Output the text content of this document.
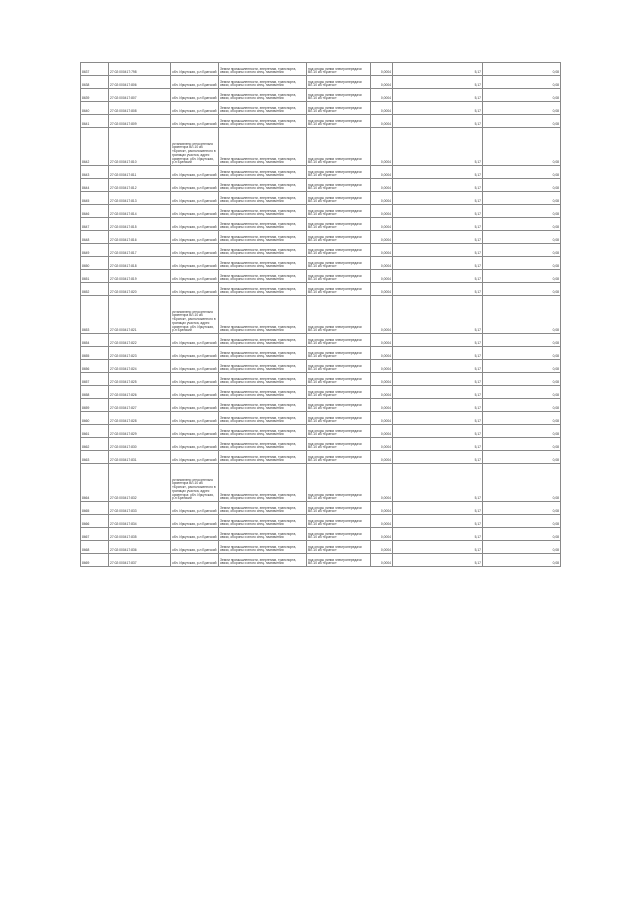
8637	27:02:000417:798	обл. Иркутская, р-н Братский	Земли промышленности, энергетики, транспорта, связи, обороны и иного спец. назначения	под опоры линии электропередачи ВЛ-10 кВ «Братск»	0,0004	5,17	0,08
8638	27:02:000417:806	обл. Иркутская, р-н Братский	Земли промышленности, энергетики, транспорта, связи, обороны и иного спец. назначения	под опоры линии электропередачи ВЛ-10 кВ «Братск»	0,0004	5,17	0,08
8639	27:02:000417:807	обл. Иркутская, р-н Братский	Земли промышленности, энергетики, транспорта, связи, обороны и иного спец. назначения	под опоры линии электропередачи ВЛ-10 кВ «Братск»	0,0004	5,17	0,08
8640	27:02:000417:808	обл. Иркутская, р-н Братский	Земли промышленности, энергетики, транспорта, связи, обороны и иного спец. назначения	под опоры линии электропередачи ВЛ-10 кВ «Братск»	0,0004	5,17	0,08
8641	27:02:000417:809	обл. Иркутская, р-н Братский	Земли промышленности, энергетики, транспорта, связи, обороны и иного спец. назначения	под опоры линии электропередачи ВЛ-10 кВ «Братск»	0,0004	5,17	0,08
8642	27:02:000417:810	установлено относительно ориентира ВЛ-10 кВ «Братск», расположенного в границах участка, адрес ориентира: обл. Иркутская, р-н Братский	Земли промышленности, энергетики, транспорта, связи, обороны и иного спец. назначения	под опоры линии электропередачи ВЛ-10 кВ «Братск»	0,0004	5,17	0,08
8643	27:02:000417:811	обл. Иркутская, р-н Братский	Земли промышленности, энергетики, транспорта, связи, обороны и иного спец. назначения	под опоры линии электропередачи ВЛ-10 кВ «Братск»	0,0004	5,17	0,08
8644	27:02:000417:812	обл. Иркутская, р-н Братский	Земли промышленности, энергетики, транспорта, связи, обороны и иного спец. назначения	под опоры линии электропередачи ВЛ-10 кВ «Братск»	0,0004	5,17	0,08
8645	27:02:000417:813	обл. Иркутская, р-н Братский	Земли промышленности, энергетики, транспорта, связи, обороны и иного спец. назначения	под опоры линии электропередачи ВЛ-10 кВ «Братск»	0,0004	5,17	0,08
8646	27:02:000417:814	обл. Иркутская, р-н Братский	Земли промышленности, энергетики, транспорта, связи, обороны и иного спец. назначения	под опоры линии электропередачи ВЛ-10 кВ «Братск»	0,0004	5,17	0,08
8647	27:02:000417:815	обл. Иркутская, р-н Братский	Земли промышленности, энергетики, транспорта, связи, обороны и иного спец. назначения	под опоры линии электропередачи ВЛ-10 кВ «Братск»	0,0004	5,17	0,08
8648	27:02:000417:816	обл. Иркутская, р-н Братский	Земли промышленности, энергетики, транспорта, связи, обороны и иного спец. назначения	под опоры линии электропередачи ВЛ-10 кВ «Братск»	0,0004	5,17	0,08
8649	27:02:000417:817	обл. Иркутская, р-н Братский	Земли промышленности, энергетики, транспорта, связи, обороны и иного спец. назначения	под опоры линии электропередачи ВЛ-10 кВ «Братск»	0,0004	5,17	0,08
8650	27:02:000417:818	обл. Иркутская, р-н Братский	Земли промышленности, энергетики, транспорта, связи, обороны и иного спец. назначения	под опоры линии электропередачи ВЛ-10 кВ «Братск»	0,0004	5,17	0,08
8651	27:02:000417:819	обл. Иркутская, р-н Братский	Земли промышленности, энергетики, транспорта, связи, обороны и иного спец. назначения	под опоры линии электропередачи ВЛ-10 кВ «Братск»	0,0004	5,17	0,08
8652	27:02:000417:820	обл. Иркутская, р-н Братский	Земли промышленности, энергетики, транспорта, связи, обороны и иного спец. назначения	под опоры линии электропередачи ВЛ-10 кВ «Братск»	0,0004	5,17	0,08
8653	27:02:000417:821	установлено относительно ориентира ВЛ-10 кВ «Братск», расположенного в границах участка, адрес ориентира: обл. Иркутская, р-н Братский	Земли промышленности, энергетики, транспорта, связи, обороны и иного спец. назначения	под опоры линии электропередачи ВЛ-10 кВ «Братск»	0,0004	5,17	0,08
8654	27:02:000417:822	обл. Иркутская, р-н Братский	Земли промышленности, энергетики, транспорта, связи, обороны и иного спец. назначения	под опоры линии электропередачи ВЛ-10 кВ «Братск»	0,0004	5,17	0,08
8655	27:02:000417:823	обл. Иркутская, р-н Братский	Земли промышленности, энергетики, транспорта, связи, обороны и иного спец. назначения	под опоры линии электропередачи ВЛ-10 кВ «Братск»	0,0004	5,17	0,08
8656	27:02:000417:824	обл. Иркутская, р-н Братский	Земли промышленности, энергетики, транспорта, связи, обороны и иного спец. назначения	под опоры линии электропередачи ВЛ-10 кВ «Братск»	0,0004	5,17	0,08
8657	27:02:000417:825	обл. Иркутская, р-н Братский	Земли промышленности, энергетики, транспорта, связи, обороны и иного спец. назначения	под опоры линии электропередачи ВЛ-10 кВ «Братск»	0,0004	5,17	0,08
8658	27:02:000417:826	обл. Иркутская, р-н Братский	Земли промышленности, энергетики, транспорта, связи, обороны и иного спец. назначения	под опоры линии электропередачи ВЛ-10 кВ «Братск»	0,0004	5,17	0,08
8659	27:02:000417:827	обл. Иркутская, р-н Братский	Земли промышленности, энергетики, транспорта, связи, обороны и иного спец. назначения	под опоры линии электропередачи ВЛ-10 кВ «Братск»	0,0004	5,17	0,08
8660	27:02:000417:828	обл. Иркутская, р-н Братский	Земли промышленности, энергетики, транспорта, связи, обороны и иного спец. назначения	под опоры линии электропередачи ВЛ-10 кВ «Братск»	0,0004	5,17	0,08
8661	27:02:000417:829	обл. Иркутская, р-н Братский	Земли промышленности, энергетики, транспорта, связи, обороны и иного спец. назначения	под опоры линии электропередачи ВЛ-10 кВ «Братск»	0,0004	5,17	0,08
8662	27:02:000417:830	обл. Иркутская, р-н Братский	Земли промышленности, энергетики, транспорта, связи, обороны и иного спец. назначения	под опоры линии электропередачи ВЛ-10 кВ «Братск»	0,0004	5,17	0,08
8663	27:02:000417:831	обл. Иркутская, р-н Братский	Земли промышленности, энергетики, транспорта, связи, обороны и иного спец. назначения	под опоры линии электропередачи ВЛ-10 кВ «Братск»	0,0004	5,17	0,08
8664	27:02:000417:832	установлено относительно ориентира ВЛ-10 кВ «Братск», расположенного в границах участка, адрес ориентира: обл. Иркутская, р-н Братский	Земли промышленности, энергетики, транспорта, связи, обороны и иного спец. назначения	под опоры линии электропередачи ВЛ-10 кВ «Братск»	0,0004	5,17	0,08
8665	27:02:000417:833	обл. Иркутская, р-н Братский	Земли промышленности, энергетики, транспорта, связи, обороны и иного спец. назначения	под опоры линии электропередачи ВЛ-10 кВ «Братск»	0,0004	5,17	0,08
8666	27:02:000417:834	обл. Иркутская, р-н Братский	Земли промышленности, энергетики, транспорта, связи, обороны и иного спец. назначения	под опоры линии электропередачи ВЛ-10 кВ «Братск»	0,0004	5,17	0,08
8667	27:02:000417:835	обл. Иркутская, р-н Братский	Земли промышленности, энергетики, транспорта, связи, обороны и иного спец. назначения	под опоры линии электропередачи ВЛ-10 кВ «Братск»	0,0004	5,17	0,08
8668	27:02:000417:836	обл. Иркутская, р-н Братский	Земли промышленности, энергетики, транспорта, связи, обороны и иного спец. назначения	под опоры линии электропередачи ВЛ-10 кВ «Братск»	0,0004	5,17	0,08
8669	27:02:000417:837	обл. Иркутская, р-н Братский	Земли промышленности, энергетики, транспорта, связи, обороны и иного спец. назначения	под опоры линии электропередачи ВЛ-10 кВ «Братск»	0,0004	5,17	0,08
